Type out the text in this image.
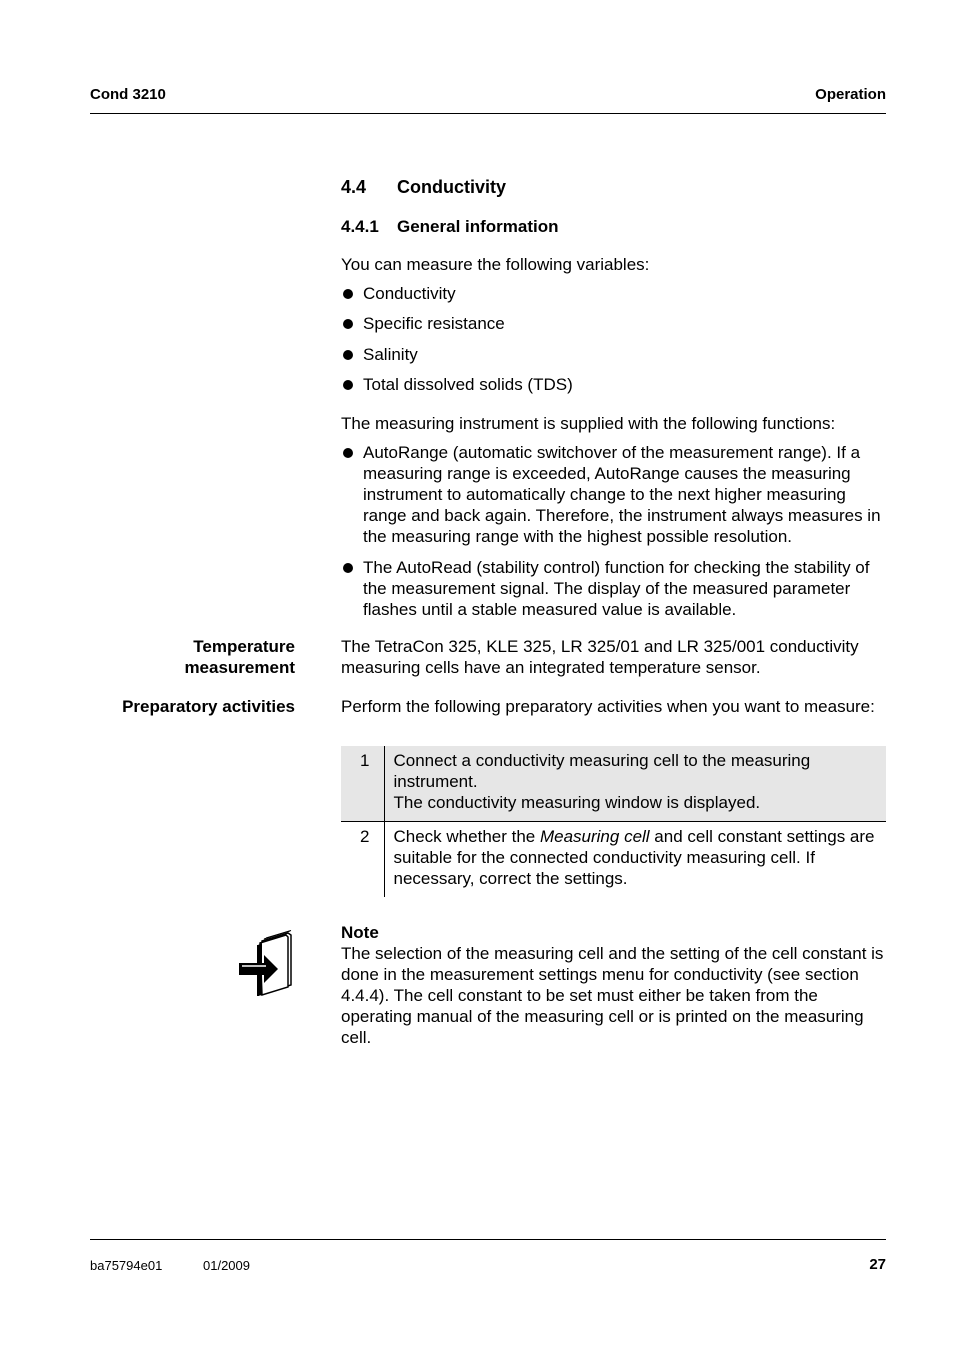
Cond 3210	Operation
4.4 Conductivity
4.4.1 General information
You can measure the following variables:
Conductivity
Specific resistance
Salinity
Total dissolved solids (TDS)
The measuring instrument is supplied with the following functions:
AutoRange (automatic switchover of the measurement range). If a measuring range is exceeded, AutoRange causes the measuring instrument to automatically change to the next higher measuring range and back again. Therefore, the instrument always measures in the measuring range with the highest possible resolution.
The AutoRead (stability control) function for checking the stability of the measurement signal. The display of the measured parameter flashes until a stable measured value is available.
Temperature
measurement
The TetraCon 325, KLE 325, LR 325/01 and LR 325/001 conductivity measuring cells have an integrated temperature sensor.
Preparatory activities	Perform the following preparatory activities when you want to measure:
1	Connect a conductivity measuring cell to the measuring instrument.
The conductivity measuring window is displayed.

2	Check whether the Measuring cell and cell constant settings are suitable for the connected conductivity measuring cell. If necessary, correct the settings.
Note
The selection of the measuring cell and the setting of the cell constant is done in the measurement settings menu for conductivity (see section 4.4.4). The cell constant to be set must either be taken from the operating manual of the measuring cell or is printed on the measuring cell.
ba75794e01	01/2009	27
